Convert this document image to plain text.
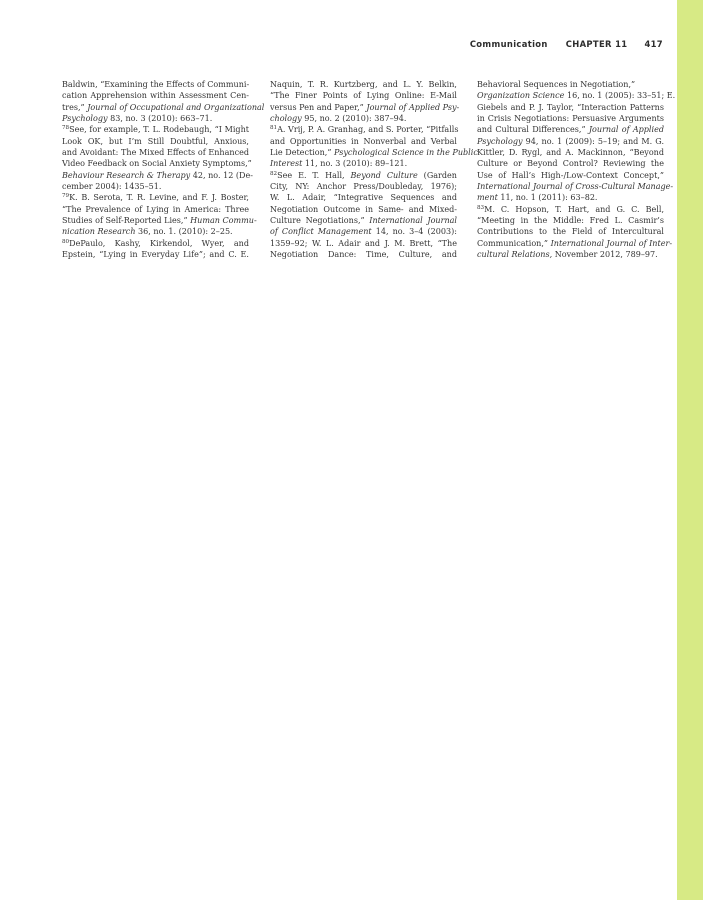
Communication CHAPTER 11 417
Baldwin, “Examining the Effects of Communi-
cation Apprehension within Assessment Cen-
tres,” Journal of Occupational and Organizational
Psychology 83, no. 3 (2010): 663–71.
$^{78}$See, for example, T. L. Rodebaugh, “I Might
Look OK, but I’m Still Doubtful, Anxious,
and Avoidant: The Mixed Effects of Enhanced
Video Feedback on Social Anxiety Symptoms,”
Behaviour Research & Therapy 42, no. 12 (De-
cember 2004): 1435–51.
$^{79}$K. B. Serota, T. R. Levine, and F. J. Boster,
“The Prevalence of Lying in America: Three
Studies of Self-Reported Lies,” Human Commu-
nication Research 36, no. 1. (2010): 2–25.
$^{80}$DePaulo, Kashy, Kirkendol, Wyer, and
Epstein, “Lying in Everyday Life”; and C. E.
Naquin, T. R. Kurtzberg, and L. Y. Belkin,
“The Finer Points of Lying Online: E-Mail
versus Pen and Paper,” Journal of Applied Psy-
chology 95, no. 2 (2010): 387–94.
$^{81}$A. Vrij, P. A. Granhag, and S. Porter, “Pitfalls
and Opportunities in Nonverbal and Verbal
Lie Detection,” Psychological Science in the Public
Interest 11, no. 3 (2010): 89–121.
$^{82}$See E. T. Hall, Beyond Culture (Garden
City, NY: Anchor Press/Doubleday, 1976);
W. L. Adair, “Integrative Sequences and
Negotiation Outcome in Same- and Mixed-
Culture Negotiations,” International Journal
of Conflict Management 14, no. 3–4 (2003):
1359–92; W. L. Adair and J. M. Brett, “The
Negotiation Dance: Time, Culture, and
Behavioral Sequences in Negotiation,”
Organization Science 16, no. 1 (2005): 33–51; E.
Giebels and P. J. Taylor, “Interaction Patterns
in Crisis Negotiations: Persuasive Arguments
and Cultural Differences,” Journal of Applied
Psychology 94, no. 1 (2009): 5–19; and M. G.
Kittler, D. Rygl, and A. Mackinnon, “Beyond
Culture or Beyond Control? Reviewing the
Use of Hall’s High-/Low-Context Concept,”
International Journal of Cross-Cultural Manage-
ment 11, no. 1 (2011): 63–82.
$^{83}$M. C. Hopson, T. Hart, and G. C. Bell,
“Meeting in the Middle: Fred L. Casmir’s
Contributions to the Field of Intercultural
Communication,” International Journal of Inter-
cultural Relations, November 2012, 789–97.
